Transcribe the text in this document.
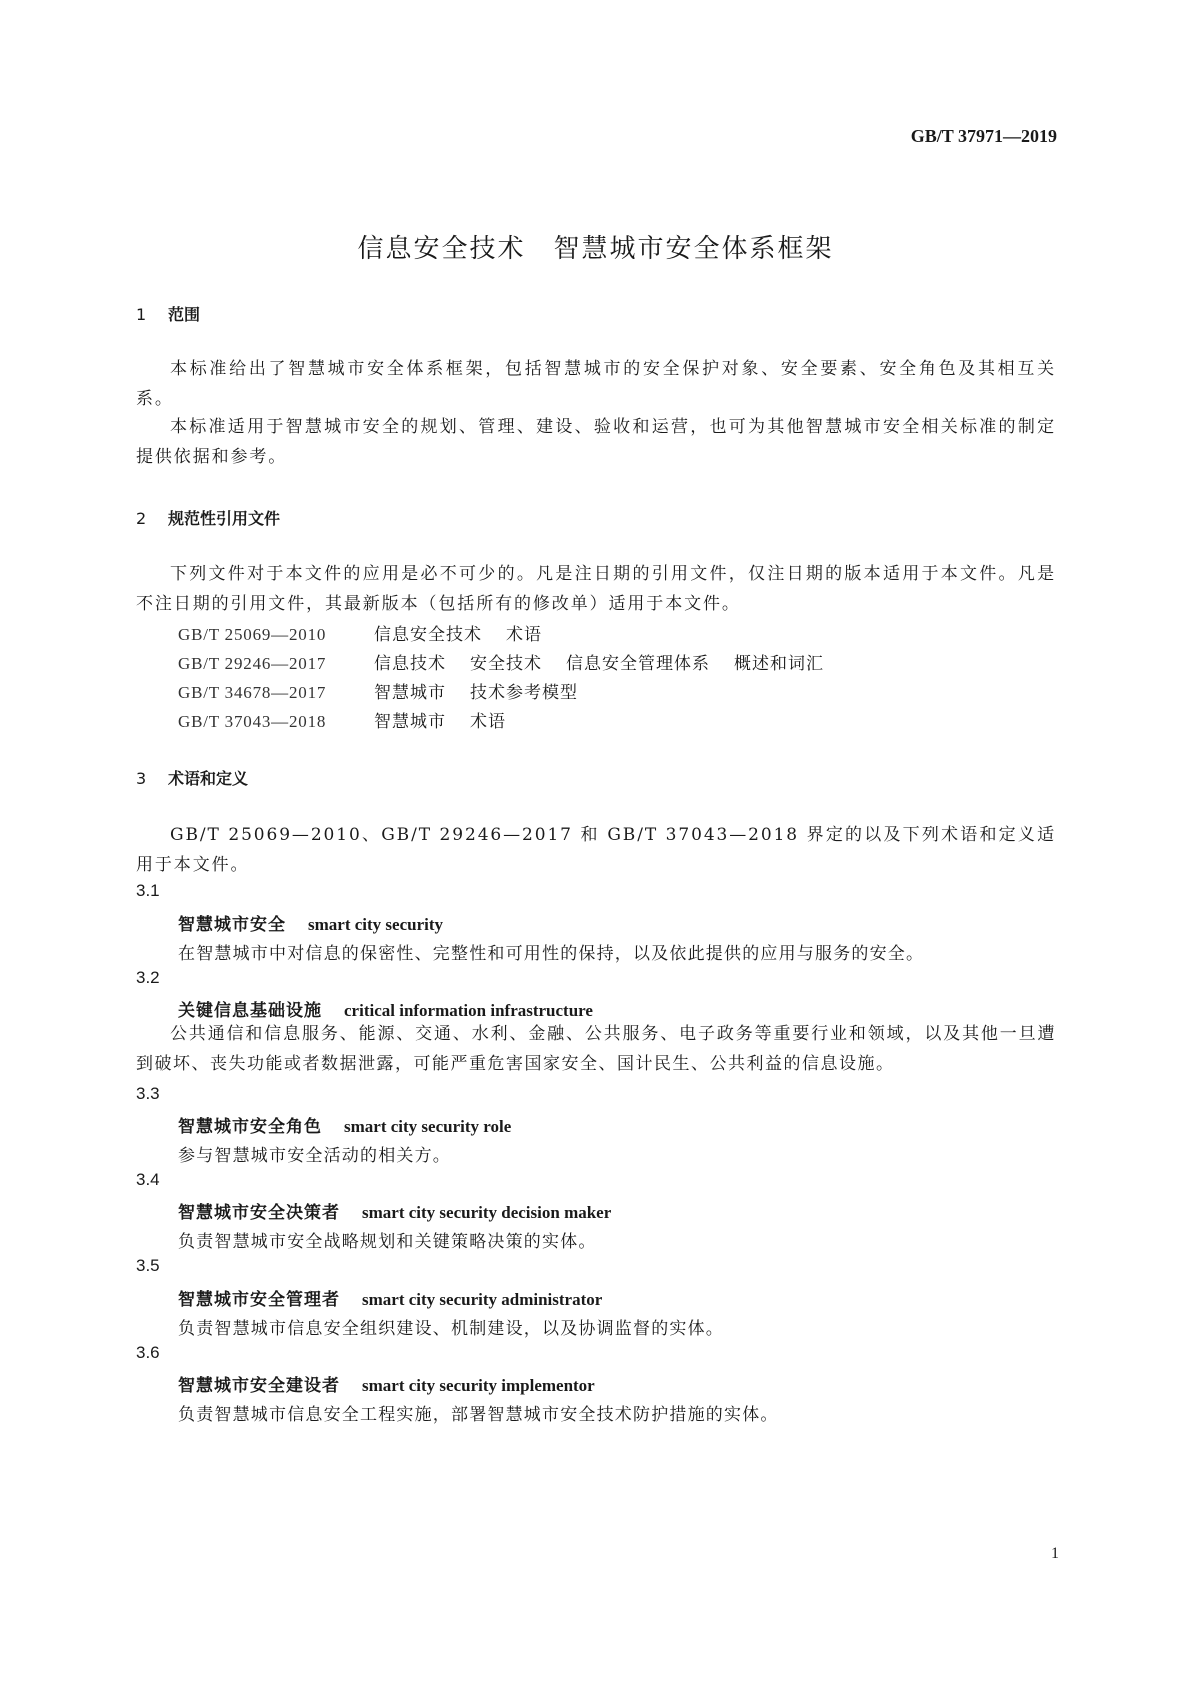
GB/T 37971—2019
信息安全技术　智慧城市安全体系框架
1 范围
本标准给出了智慧城市安全体系框架，包括智慧城市的安全保护对象、安全要素、安全角色及其相互关系。
本标准适用于智慧城市安全的规划、管理、建设、验收和运营，也可为其他智慧城市安全相关标准的制定提供依据和参考。
2 规范性引用文件
下列文件对于本文件的应用是必不可少的。凡是注日期的引用文件，仅注日期的版本适用于本文件。凡是不注日期的引用文件，其最新版本（包括所有的修改单）适用于本文件。
GB/T 25069—2010	信息安全技术 术语
GB/T 29246—2017	信息技术 安全技术 信息安全管理体系 概述和词汇
GB/T 34678—2017	智慧城市 技术参考模型
GB/T 37043—2018	智慧城市 术语
3 术语和定义
GB/T 25069—2010、GB/T 29246—2017 和 GB/T 37043—2018 界定的以及下列术语和定义适用于本文件。
3.1
智慧城市安全 smart city security
在智慧城市中对信息的保密性、完整性和可用性的保持，以及依此提供的应用与服务的安全。
3.2
关键信息基础设施 critical information infrastructure
公共通信和信息服务、能源、交通、水利、金融、公共服务、电子政务等重要行业和领域，以及其他一旦遭到破坏、丧失功能或者数据泄露，可能严重危害国家安全、国计民生、公共利益的信息设施。
3.3
智慧城市安全角色 smart city security role
参与智慧城市安全活动的相关方。
3.4
智慧城市安全决策者 smart city security decision maker
负责智慧城市安全战略规划和关键策略决策的实体。
3.5
智慧城市安全管理者 smart city security administrator
负责智慧城市信息安全组织建设、机制建设，以及协调监督的实体。
3.6
智慧城市安全建设者 smart city security implementor
负责智慧城市信息安全工程实施，部署智慧城市安全技术防护措施的实体。
1
